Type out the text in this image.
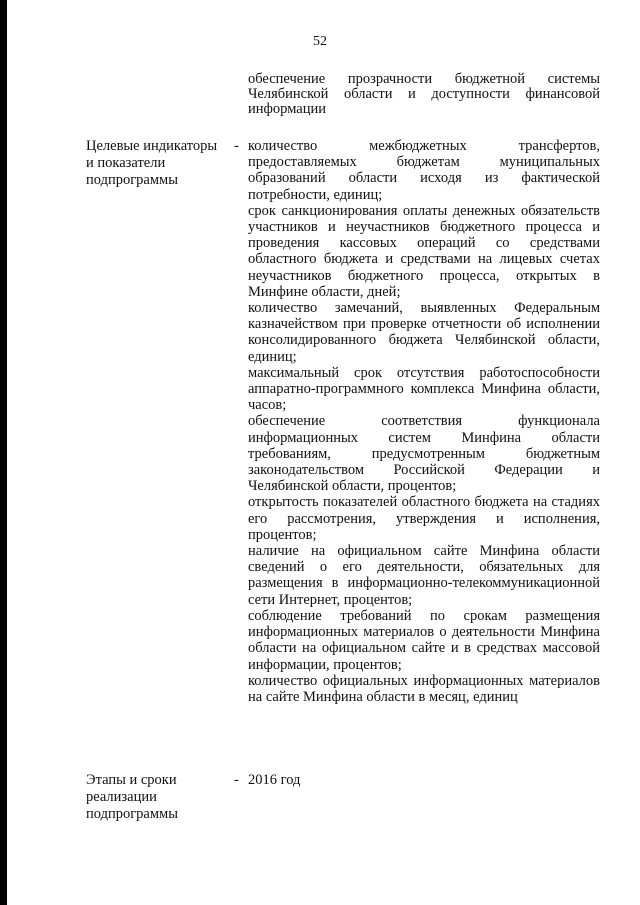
52

обеспечение прозрачности бюджетной системы Челябинской области и доступности финансовой информации

Целевые индикаторы и показатели подпрограммы
- количество межбюджетных трансфертов, предоставляемых бюджетам муниципальных образований области исходя из фактической потребности, единиц;

срок санкционирования оплаты денежных обязательств участников и неучастников бюджетного процесса и проведения кассовых операций со средствами областного бюджета и средствами на лицевых счетах неучастников бюджетного процесса, открытых в Минфине области, дней;

количество замечаний, выявленных Федеральным казначейством при проверке отчетности об исполнении консолидированного бюджета Челябинской области, единиц;

максимальный срок отсутствия работоспособности аппаратно-программного комплекса Минфина области, часов;

обеспечение соответствия функционала информационных систем Минфина области требованиям, предусмотренным бюджетным законодательством Российской Федерации и Челябинской области, процентов;

открытость показателей областного бюджета на стадиях его рассмотрения, утверждения и исполнения, процентов;

наличие на официальном сайте Минфина области сведений о его деятельности, обязательных для размещения в информационно-телекоммуникационной сети Интернет, процентов;

соблюдение требований по срокам размещения информационных материалов о деятельности Минфина области на официальном сайте и в средствах массовой информации, процентов;

количество официальных информационных материалов на сайте Минфина области в месяц, единиц

Этапы и сроки реализации подпрограммы
- 2016 год
